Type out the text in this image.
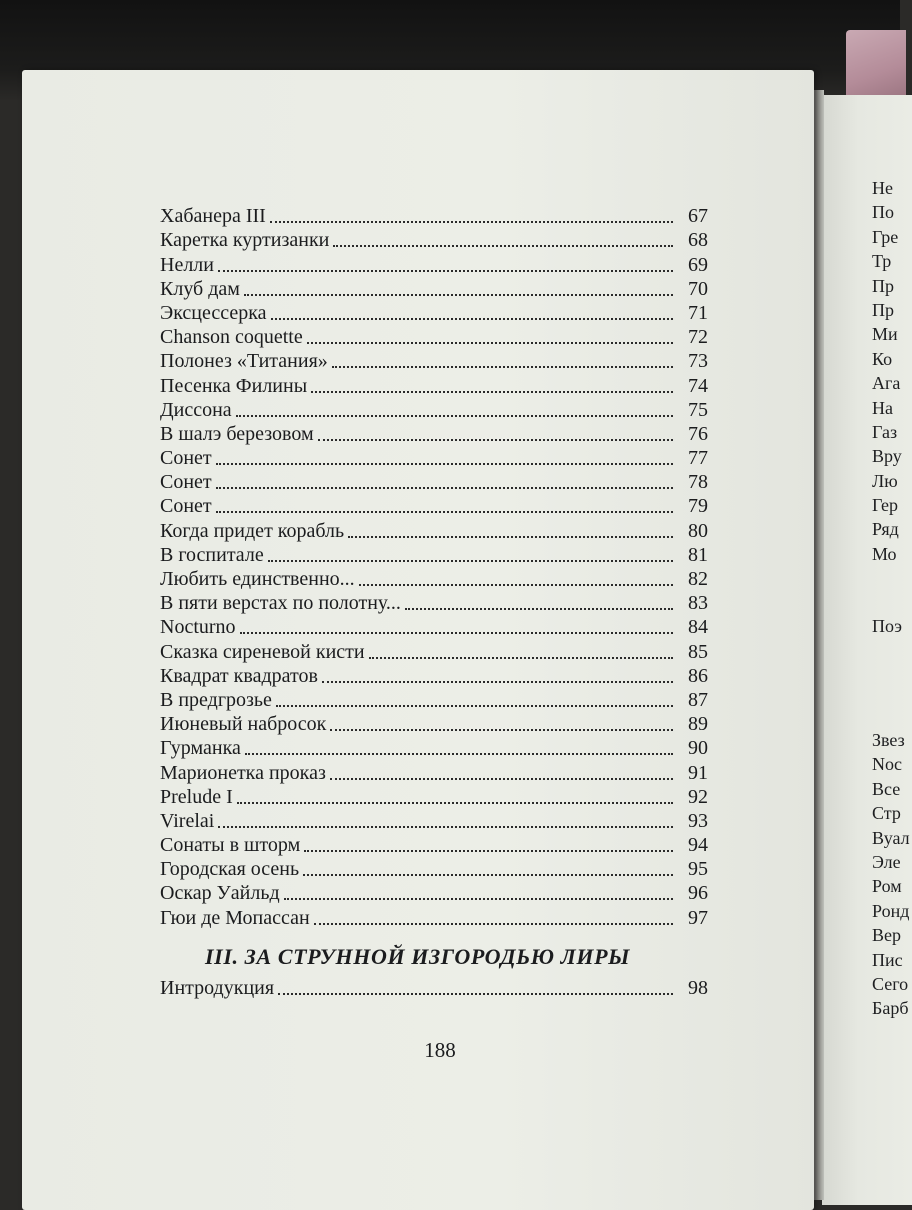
Хабанера III	67
Каретка куртизанки	68
Нелли	69
Клуб дам	70
Эксцессерка	71
Chanson coquette	72
Полонез «Титания»	73
Песенка Филины	74
Диссона	75
В шалэ березовом	76
Сонет	77
Сонет	78
Сонет	79
Когда придет корабль	80
В госпитале	81
Любить единственно...	82
В пяти верстах по полотну...	83
Nocturno	84
Сказка сиреневой кисти	85
Квадрат квадратов	86
В предгрозье	87
Июневый набросок	89
Гурманка	90
Марионетка проказ	91
Prelude I	92
Virelai	93
Сонаты в шторм	94
Городская осень	95
Оскар Уайльд	96
Гюи де Мопассан	97
III. ЗА СТРУННОЙ ИЗГОРОДЬЮ ЛИРЫ
Интродукция	98
188
Не
По
Гре
Тр
Пр
Пр
Ми
Ко
Ага
На
Газ
Вру
Лю
Гер
Ряд
Мо
Поэ
Звез
Noc
Все
Стр
Вуал
Эле
Ром
Ронд
Вер
Пис
Сего
Барб
